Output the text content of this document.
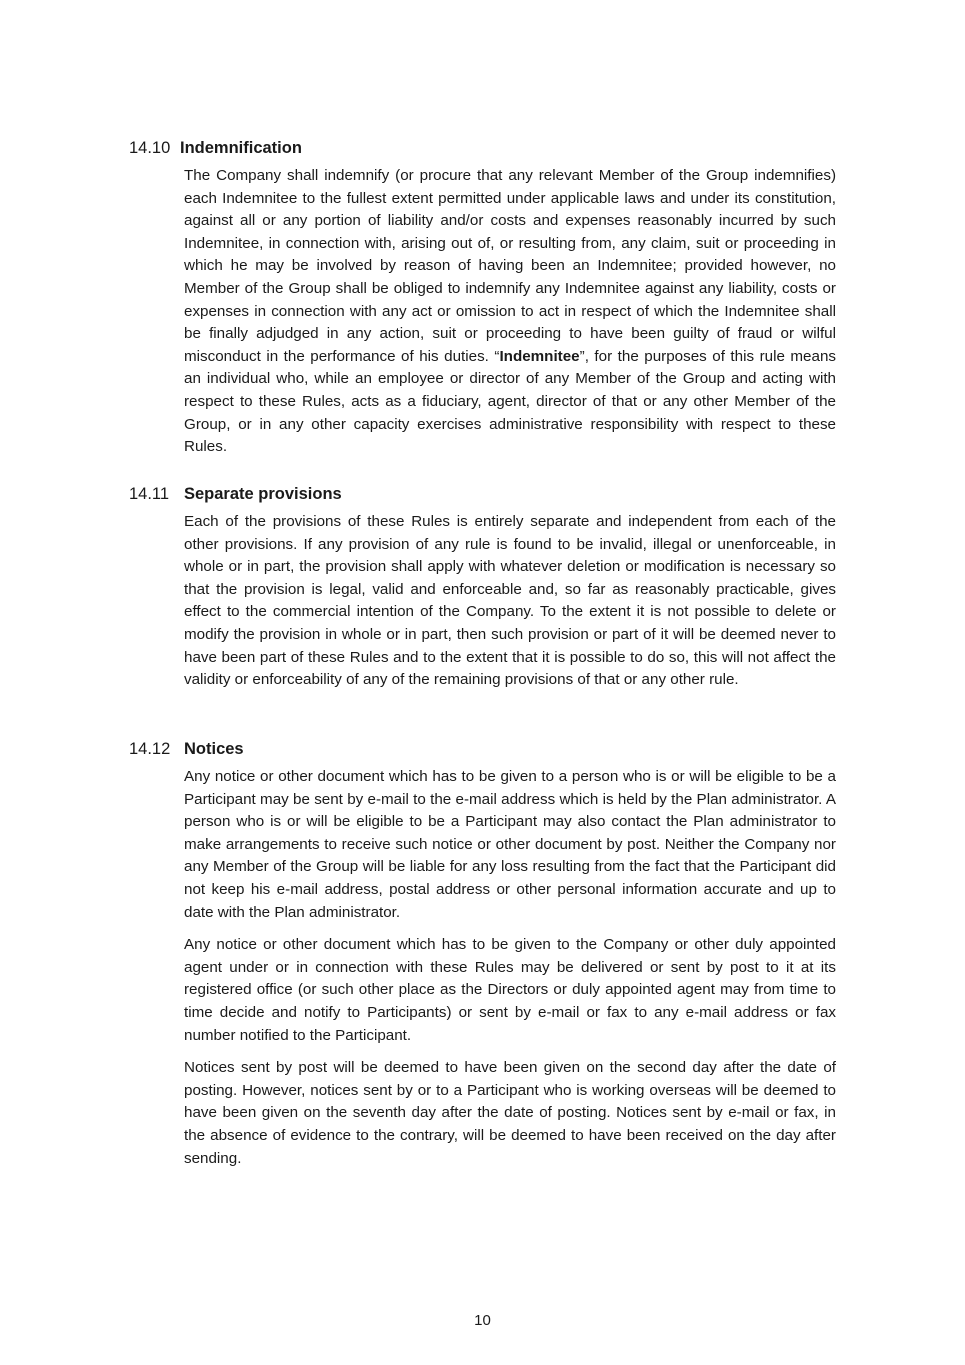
14.10 Indemnification

The Company shall indemnify (or procure that any relevant Member of the Group indemnifies) each Indemnitee to the fullest extent permitted under applicable laws and under its constitution, against all or any portion of liability and/or costs and expenses reasonably incurred by such Indemnitee, in connection with, arising out of, or resulting from, any claim, suit or proceeding in which he may be involved by reason of having been an Indemnitee; provided however, no Member of the Group shall be obliged to indemnify any Indemnitee against any liability, costs or expenses in connection with any act or omission to act in respect of which the Indemnitee shall be finally adjudged in any action, suit or proceeding to have been guilty of fraud or wilful misconduct in the performance of his duties. “Indemnitee”, for the purposes of this rule means an individual who, while an employee or director of any Member of the Group and acting with respect to these Rules, acts as a fiduciary, agent, director of that or any other Member of the Group, or in any other capacity exercises administrative responsibility with respect to these Rules.

14.11 Separate provisions

Each of the provisions of these Rules is entirely separate and independent from each of the other provisions. If any provision of any rule is found to be invalid, illegal or unenforceable, in whole or in part, the provision shall apply with whatever deletion or modification is necessary so that the provision is legal, valid and enforceable and, so far as reasonably practicable, gives effect to the commercial intention of the Company. To the extent it is not possible to delete or modify the provision in whole or in part, then such provision or part of it will be deemed never to have been part of these Rules and to the extent that it is possible to do so, this will not affect the validity or enforceability of any of the remaining provisions of that or any other rule.

14.12 Notices

Any notice or other document which has to be given to a person who is or will be eligible to be a Participant may be sent by e-mail to the e-mail address which is held by the Plan administrator. A person who is or will be eligible to be a Participant may also contact the Plan administrator to make arrangements to receive such notice or other document by post. Neither the Company nor any Member of the Group will be liable for any loss resulting from the fact that the Participant did not keep his e-mail address, postal address or other personal information accurate and up to date with the Plan administrator.

Any notice or other document which has to be given to the Company or other duly appointed agent under or in connection with these Rules may be delivered or sent by post to it at its registered office (or such other place as the Directors or duly appointed agent may from time to time decide and notify to Participants) or sent by e-mail or fax to any e-mail address or fax number notified to the Participant.

Notices sent by post will be deemed to have been given on the second day after the date of posting. However, notices sent by or to a Participant who is working overseas will be deemed to have been given on the seventh day after the date of posting. Notices sent by e-mail or fax, in the absence of evidence to the contrary, will be deemed to have been received on the day after sending.

10
